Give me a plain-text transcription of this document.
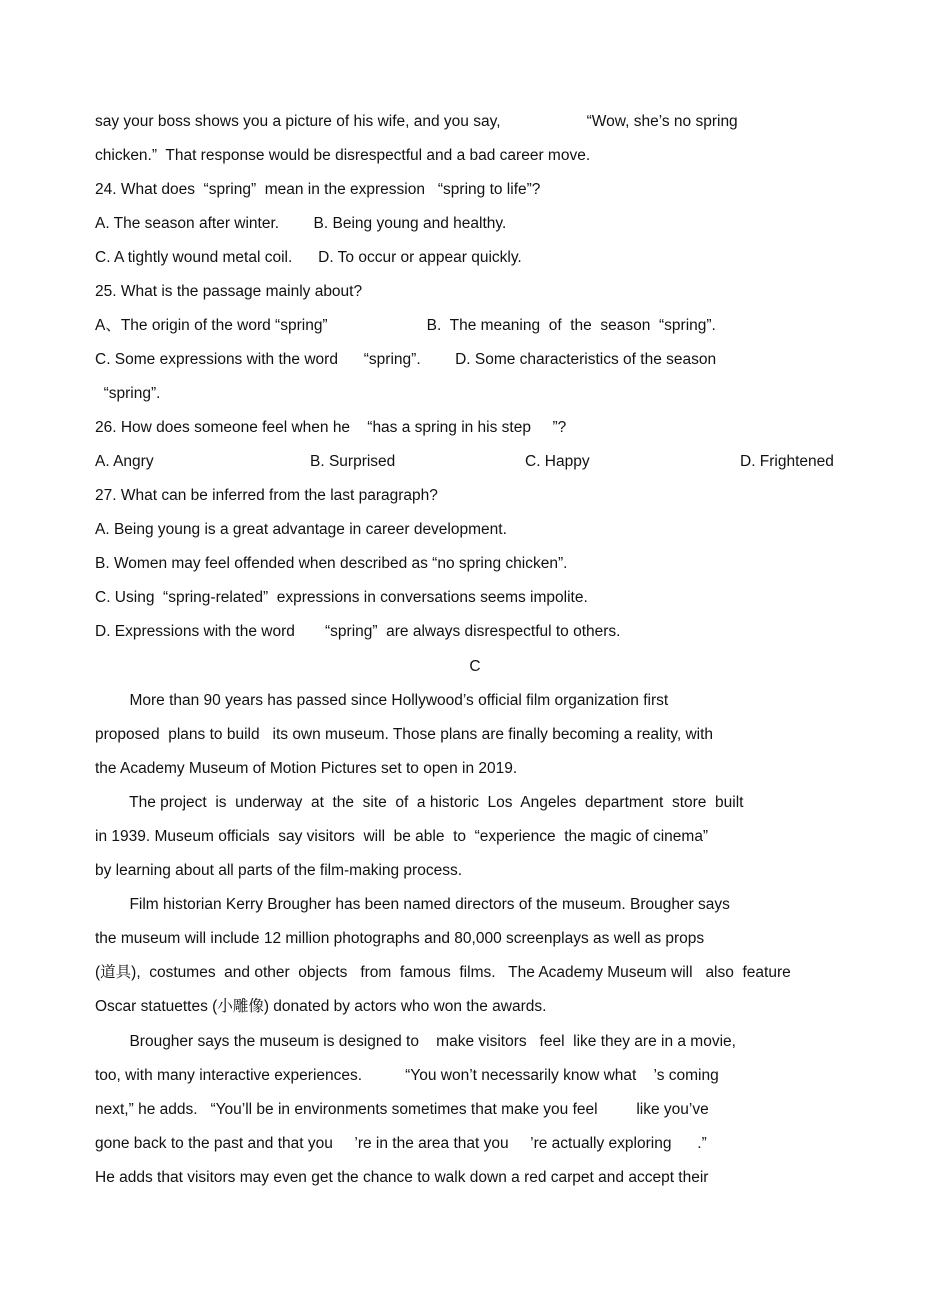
say your boss shows you a picture of his wife, and you say,                    “Wow, she’s no spring
chicken.”  That response would be disrespectful and a bad career move.
24. What does  “spring”  mean in the expression   “spring to life”?
A. The season after winter.        B. Being young and healthy.
C. A tightly wound metal coil.      D. To occur or appear quickly.
25. What is the passage mainly about?
A、The origin of the word “spring”                       B.  The meaning  of  the  season  “spring”.
C. Some expressions with the word      “spring”.        D. Some characteristics of the season
“spring”.
26. How does someone feel when he    “has a spring in his step     ”?
A. Angry	B. Surprised	C. Happy	D. Frightened
27. What can be inferred from the last paragraph?
A. Being young is a great advantage in career development.
B. Women may feel offended when described as “no spring chicken”.
C. Using  “spring-related”  expressions in conversations seems impolite.
D. Expressions with the word       “spring”  are always disrespectful to others.
C
More than 90 years has passed since Hollywood’s official film organization first
proposed  plans to build   its own museum. Those plans are finally becoming a reality, with
the Academy Museum of Motion Pictures set to open in 2019.
The project  is  underway  at  the  site  of  a historic  Los  Angeles  department  store  built
in 1939. Museum officials  say visitors  will  be able  to  “experience  the magic of cinema”
by learning about all parts of the film-making process.
Film historian Kerry Brougher has been named directors of the museum. Brougher says
the museum will include 12 million photographs and 80,000 screenplays as well as props
(道具),  costumes  and other  objects   from  famous  films.   The Academy Museum will   also  feature
Oscar statuettes (小雕像) donated by actors who won the awards.
Brougher says the museum is designed to    make visitors   feel  like they are in a movie,
too, with many interactive experiences.          “You won’t necessarily know what    ’s coming
next,” he adds.   “You’ll be in environments sometimes that make you feel         like you’ve
gone back to the past and that you     ’re in the area that you     ’re actually exploring      .”
He adds that visitors may even get the chance to walk down a red carpet and accept their
